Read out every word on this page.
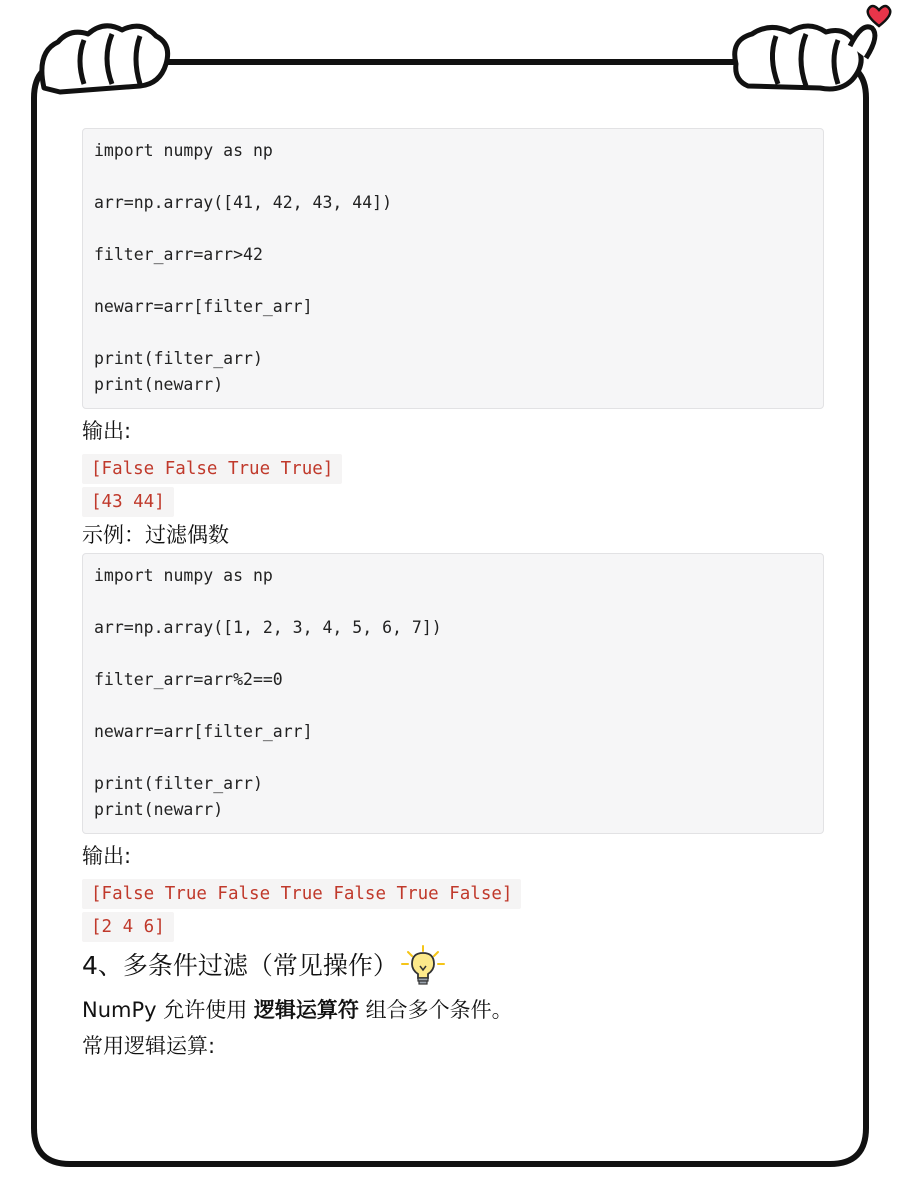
import numpy as np
arr=np.array([41, 42, 43, 44])
filter_arr=arr>42
newarr=arr[filter_arr]
print(filter_arr)
print(newarr)
输出:
[False False True True]
[43 44]
示例：过滤偶数
import numpy as np
arr=np.array([1, 2, 3, 4, 5, 6, 7])
filter_arr=arr%2==0
newarr=arr[filter_arr]
print(filter_arr)
print(newarr)
输出:
[False True False True False True False]
[2 4 6]
4、多条件过滤（常见操作）
NumPy 允许使用 逻辑运算符 组合多个条件。
常用逻辑运算:
